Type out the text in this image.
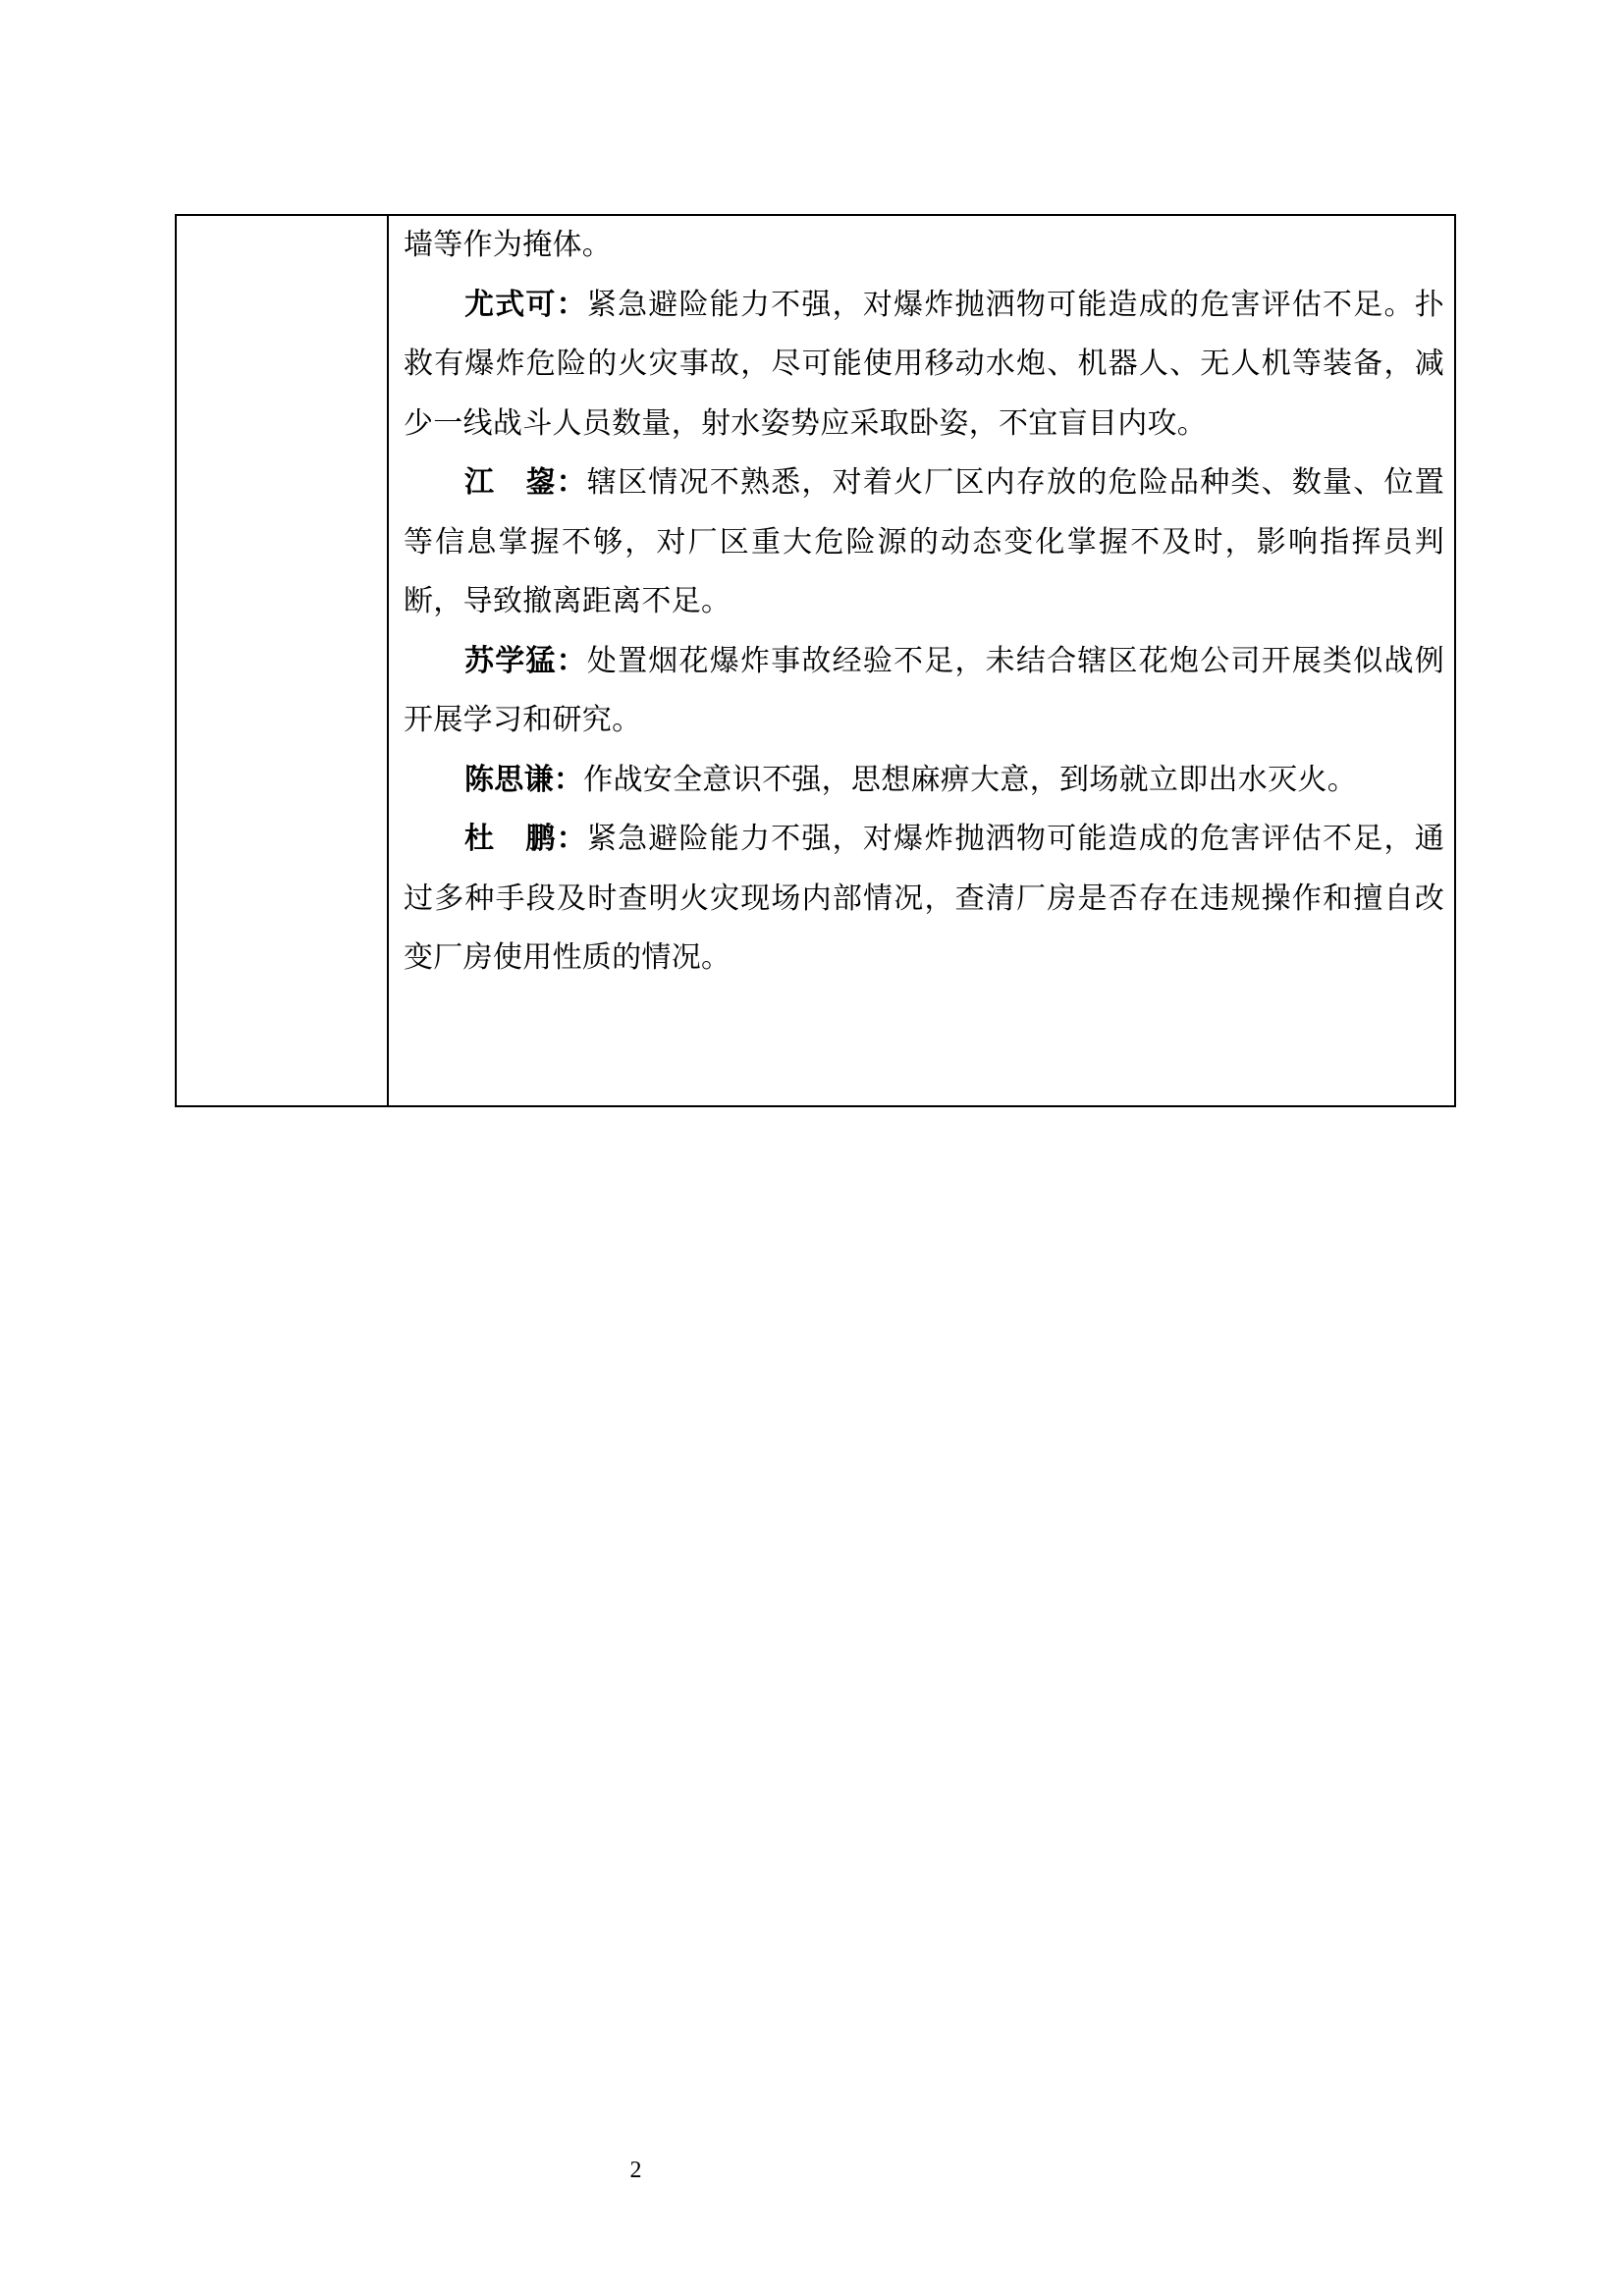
墙等作为掩体。

尤式可：紧急避险能力不强，对爆炸抛洒物可能造成的危害评估不足。扑救有爆炸危险的火灾事故，尽可能使用移动水炮、机器人、无人机等装备，减少一线战斗人员数量，射水姿势应采取卧姿，不宜盲目内攻。

江　鋆：辖区情况不熟悉，对着火厂区内存放的危险品种类、数量、位置等信息掌握不够，对厂区重大危险源的动态变化掌握不及时，影响指挥员判断，导致撤离距离不足。

苏学猛：处置烟花爆炸事故经验不足，未结合辖区花炮公司开展类似战例开展学习和研究。

陈思谦：作战安全意识不强，思想麻痹大意，到场就立即出水灭火。

杜　鹏：紧急避险能力不强，对爆炸抛洒物可能造成的危害评估不足，通过多种手段及时查明火灾现场内部情况，查清厂房是否存在违规操作和擅自改变厂房使用性质的情况。

2
